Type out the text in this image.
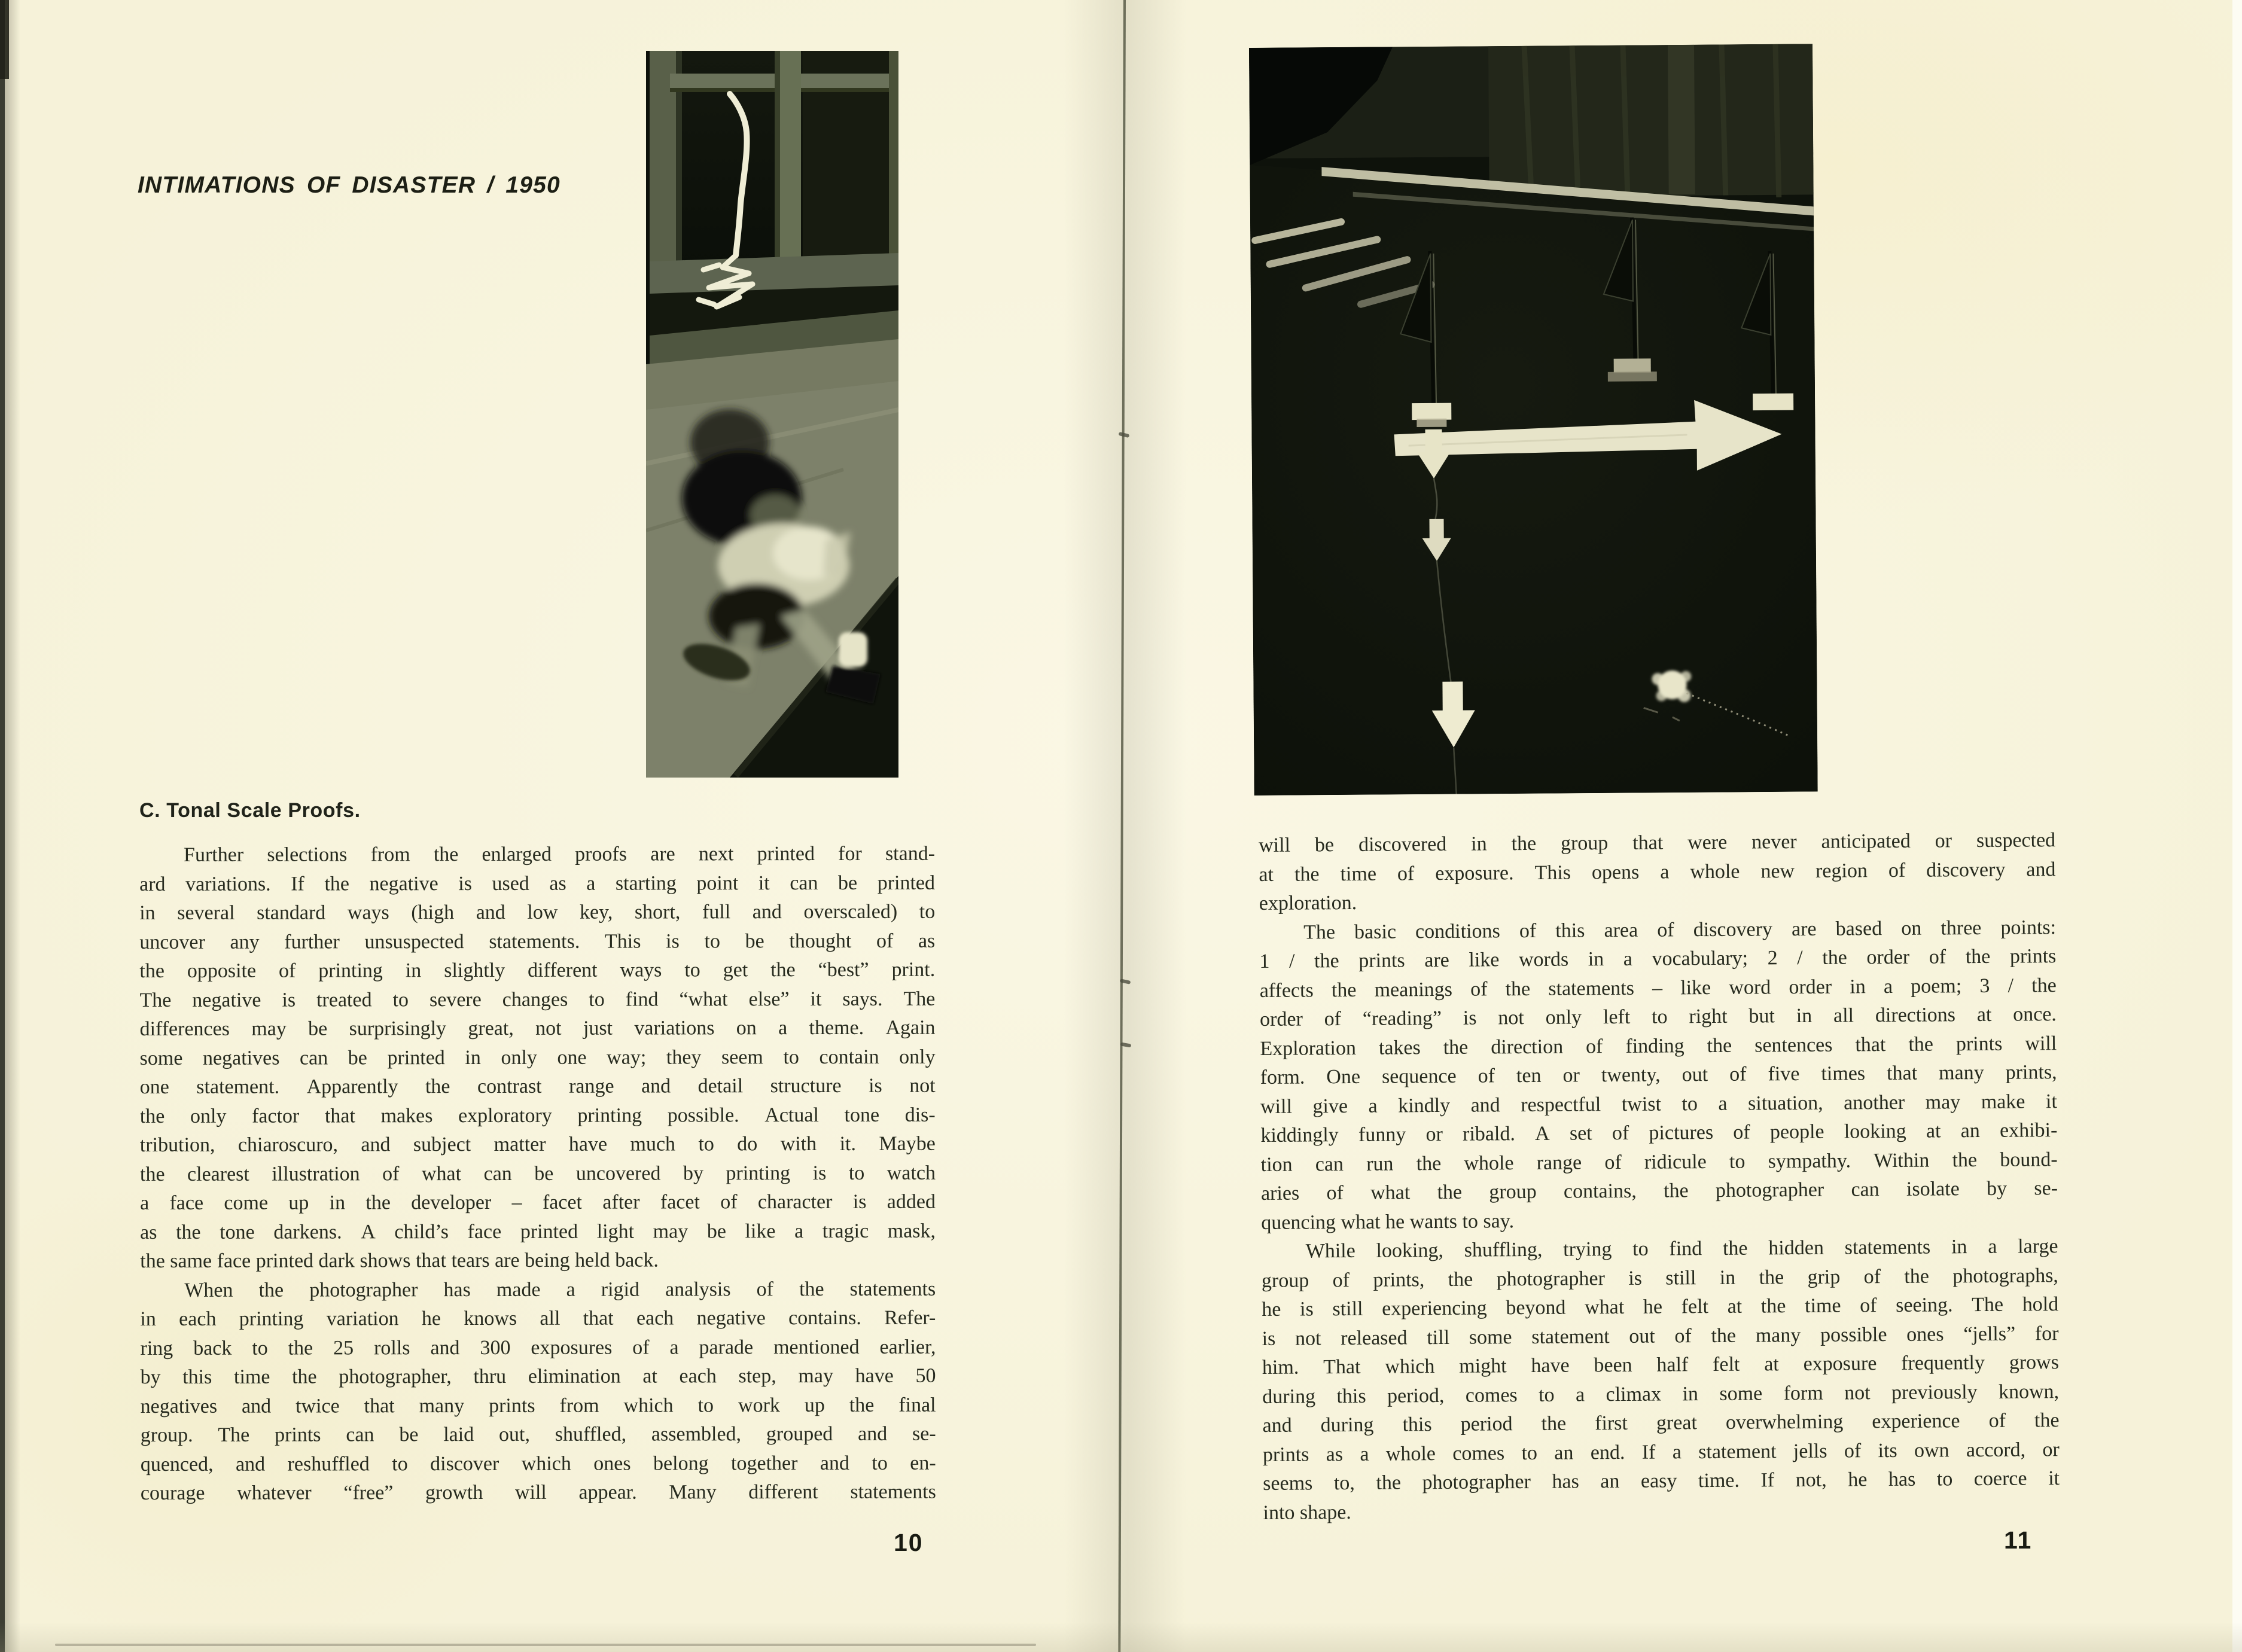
INTIMATIONS OF DISASTER / 1950
C. Tonal Scale Proofs.
Further selections from the enlarged proofs are next printed for stand-
ard variations. If the negative is used as a starting point it can be printed
in several standard ways (high and low key, short, full and overscaled) to
uncover any further unsuspected statements. This is to be thought of as
the opposite of printing in slightly different ways to get the “best” print.
The negative is treated to severe changes to find “what else” it says. The
differences may be surprisingly great, not just variations on a theme. Again
some negatives can be printed in only one way; they seem to contain only
one statement. Apparently the contrast range and detail structure is not
the only factor that makes exploratory printing possible. Actual tone dis-
tribution, chiaroscuro, and subject matter have much to do with it. Maybe
the clearest illustration of what can be uncovered by printing is to watch
a face come up in the developer – facet after facet of character is added
as the tone darkens. A child’s face printed light may be like a tragic mask,
the same face printed dark shows that tears are being held back.
When the photographer has made a rigid analysis of the statements
in each printing variation he knows all that each negative contains. Refer-
ring back to the 25 rolls and 300 exposures of a parade mentioned earlier,
by this time the photographer, thru elimination at each step, may have 50
negatives and twice that many prints from which to work up the final
group. The prints can be laid out, shuffled, assembled, grouped and se-
quenced, and reshuffled to discover which ones belong together and to en-
courage whatever “free” growth will appear. Many different statements
10
will be discovered in the group that were never anticipated or suspected
at the time of exposure. This opens a whole new region of discovery and
exploration.
The basic conditions of this area of discovery are based on three points:
1 / the prints are like words in a vocabulary; 2 / the order of the prints
affects the meanings of the statements – like word order in a poem; 3 / the
order of “reading” is not only left to right but in all directions at once.
Exploration takes the direction of finding the sentences that the prints will
form. One sequence of ten or twenty, out of five times that many prints,
will give a kindly and respectful twist to a situation, another may make it
kiddingly funny or ribald. A set of pictures of people looking at an exhibi-
tion can run the whole range of ridicule to sympathy. Within the bound-
aries of what the group contains, the photographer can isolate by se-
quencing what he wants to say.
While looking, shuffling, trying to find the hidden statements in a large
group of prints, the photographer is still in the grip of the photographs,
he is still experiencing beyond what he felt at the time of seeing. The hold
is not released till some statement out of the many possible ones “jells” for
him. That which might have been half felt at exposure frequently grows
during this period, comes to a climax in some form not previously known,
and during this period the first great overwhelming experience of the
prints as a whole comes to an end. If a statement jells of its own accord, or
seems to, the photographer has an easy time. If not, he has to coerce it
into shape.
11
